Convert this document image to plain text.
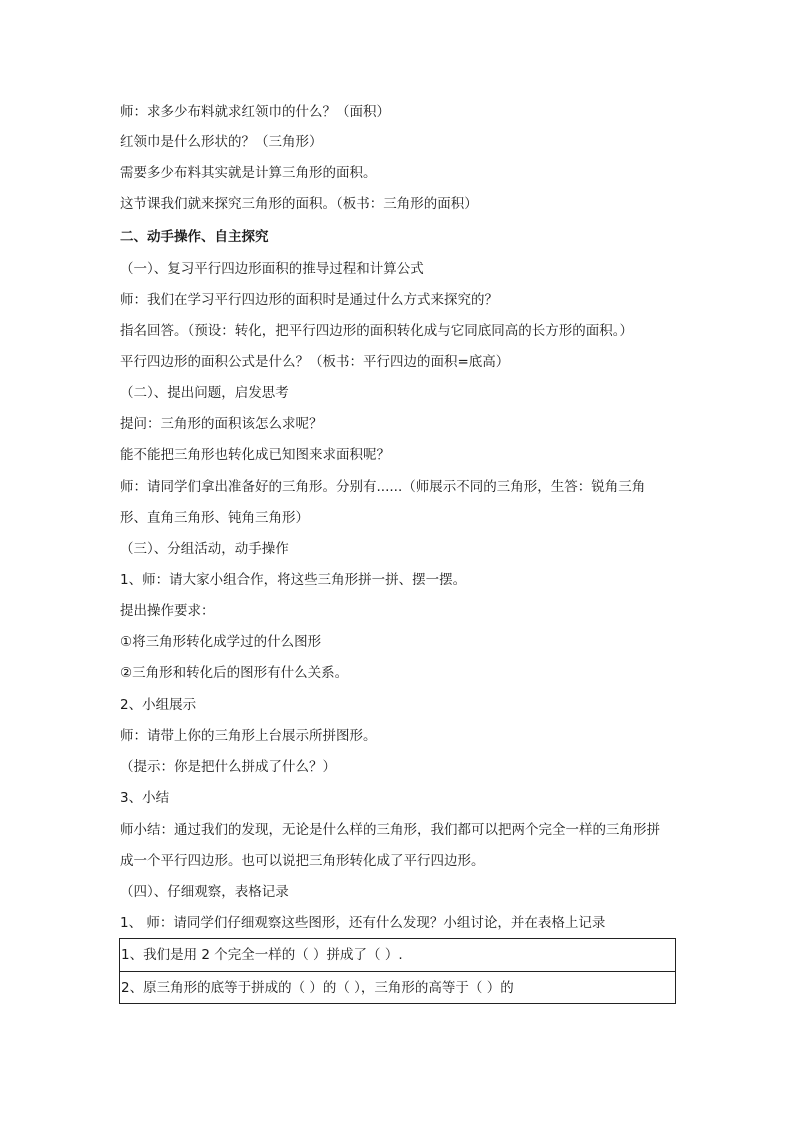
师：求多少布料就求红领巾的什么？（面积）
红领巾是什么形状的？（三角形）
需要多少布料其实就是计算三角形的面积。
这节课我们就来探究三角形的面积。（板书：三角形的面积）
二、动手操作、自主探究
（一）、复习平行四边形面积的推导过程和计算公式
师：我们在学习平行四边形的面积时是通过什么方式来探究的？
指名回答。（预设：转化，把平行四边形的面积转化成与它同底同高的长方形的面积。）
平行四边形的面积公式是什么？（板书：平行四边的面积=底高）
（二）、提出问题，启发思考
提问：三角形的面积该怎么求呢？
能不能把三角形也转化成已知图来求面积呢？
师：请同学们拿出准备好的三角形。分别有......（师展示不同的三角形，生答：锐角三角
形、直角三角形、钝角三角形）
（三）、分组活动，动手操作
1、师：请大家小组合作，将这些三角形拼一拼、摆一摆。
提出操作要求：
①将三角形转化成学过的什么图形
②三角形和转化后的图形有什么关系。
2、小组展示
师：请带上你的三角形上台展示所拼图形。
（提示：你是把什么拼成了什么？）
3、小结
师小结：通过我们的发现，无论是什么样的三角形，我们都可以把两个完全一样的三角形拼
成一个平行四边形。也可以说把三角形转化成了平行四边形。
（四）、仔细观察，表格记录
1、 师：请同学们仔细观察这些图形，还有什么发现？小组讨论，并在表格上记录
1、我们是用 2 个完全一样的（ ）拼成了（ ）.
2、原三角形的底等于拼成的（ ）的（ ），三角形的高等于（ ）的
